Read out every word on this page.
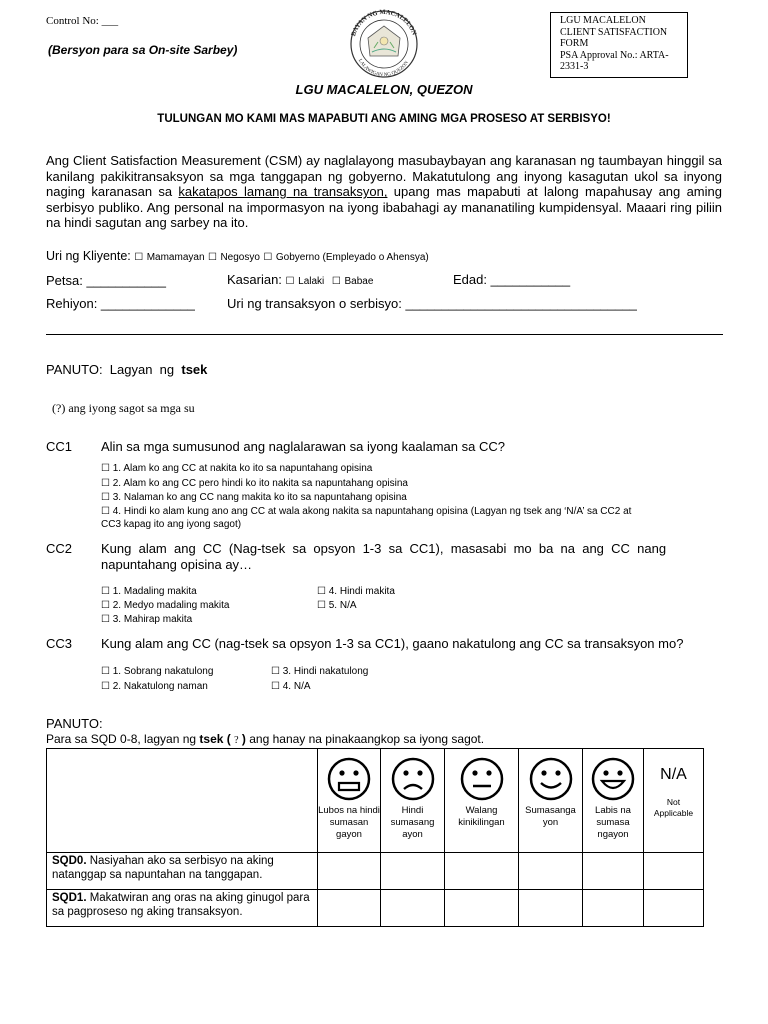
Control No: ___
(Bersyon para sa On-site Sarbey)
BAYAN NG MACALELON
LALAWIGAN NG QUEZON
LGU MACALELON
CLIENT SATISFACTION
FORM
PSA Approval No.: ARTA-
2331-3
LGU MACALELON, QUEZON
TULUNGAN MO KAMI MAS MAPABUTI ANG AMING MGA PROSESO AT SERBISYO!
Ang Client Satisfaction Measurement (CSM) ay naglalayong masubaybayan ang karanasan ng taumbayan hinggil sa kanilang pakikitransaksyon sa mga tanggapan ng gobyerno. Makatutulong ang inyong kasagutan ukol sa inyong naging karanasan sa kakatapos lamang na transaksyon, upang mas mapabuti at lalong mapahusay ang aming serbisyo publiko. Ang personal na impormasyon na iyong ibabahagi ay mananatiling kumpidensyal. Maaari ring piliin na hindi sagutan ang sarbey na ito.
Uri ng Kliyente: ☐ Mamamayan ☐ Negosyo ☐ Gobyerno (Empleyado o Ahensya)
Petsa: ___________	Kasarian: ☐ Lalaki ☐ Babae	Edad: ___________
Rehiyon: _____________ Uri ng transaksyon o serbisyo: ________________________________
PANUTO:  Lagyan  ng  tsek
(?) ang iyong sagot sa mga su
CC1 Alin sa mga sumusunod ang naglalarawan sa iyong kaalaman sa CC?
☐ 1. Alam ko ang CC at nakita ko ito sa napuntahang opisina
☐ 2. Alam ko ang CC pero hindi ko ito nakita sa napuntahang opisina
☐ 3. Nalaman ko ang CC nang makita ko ito sa napuntahang opisina
☐ 4. Hindi ko alam kung ano ang CC at wala akong nakita sa napuntahang opisina (Lagyan ng tsek ang ‘N/A’ sa CC2 at
CC3 kapag ito ang iyong sagot)
CC2 Kung  alam  ang  CC  (Nag-tsek  sa  opsyon  1-3  sa  CC1),  masasabi  mo  ba  na  ang  CC  nang
napuntahang opisina ay…
☐ 1. Madaling makita
☐ 2. Medyo madaling makita
☐ 3. Mahirap makita
☐ 4. Hindi makita
☐ 5. N/A
CC3 Kung alam ang CC (nag-tsek sa opsyon 1-3 sa CC1), gaano nakatulong ang CC sa transaksyon mo?
☐ 1. Sobrang nakatulong
☐ 2. Nakatulong naman
☐ 3. Hindi nakatulong
☐ 4. N/A
PANUTO:
Para sa SQD 0-8, lagyan ng tsek ( ? ) ang hanay na pinakaangkop sa iyong sagot.

	Lubos na hindi sumasan gayon	Hindi sumasang ayon	Walang kinikilingan	Sumasanga yon	Labis na sumasa ngayon	N/A
Not Applicable

SQD0. Nasiyahan ako sa serbisyo na aking natanggap sa napuntahan na tanggapan.						
SQD1. Makatwiran ang oras na aking ginugol para sa pagproseso ng aking transaksyon.						
